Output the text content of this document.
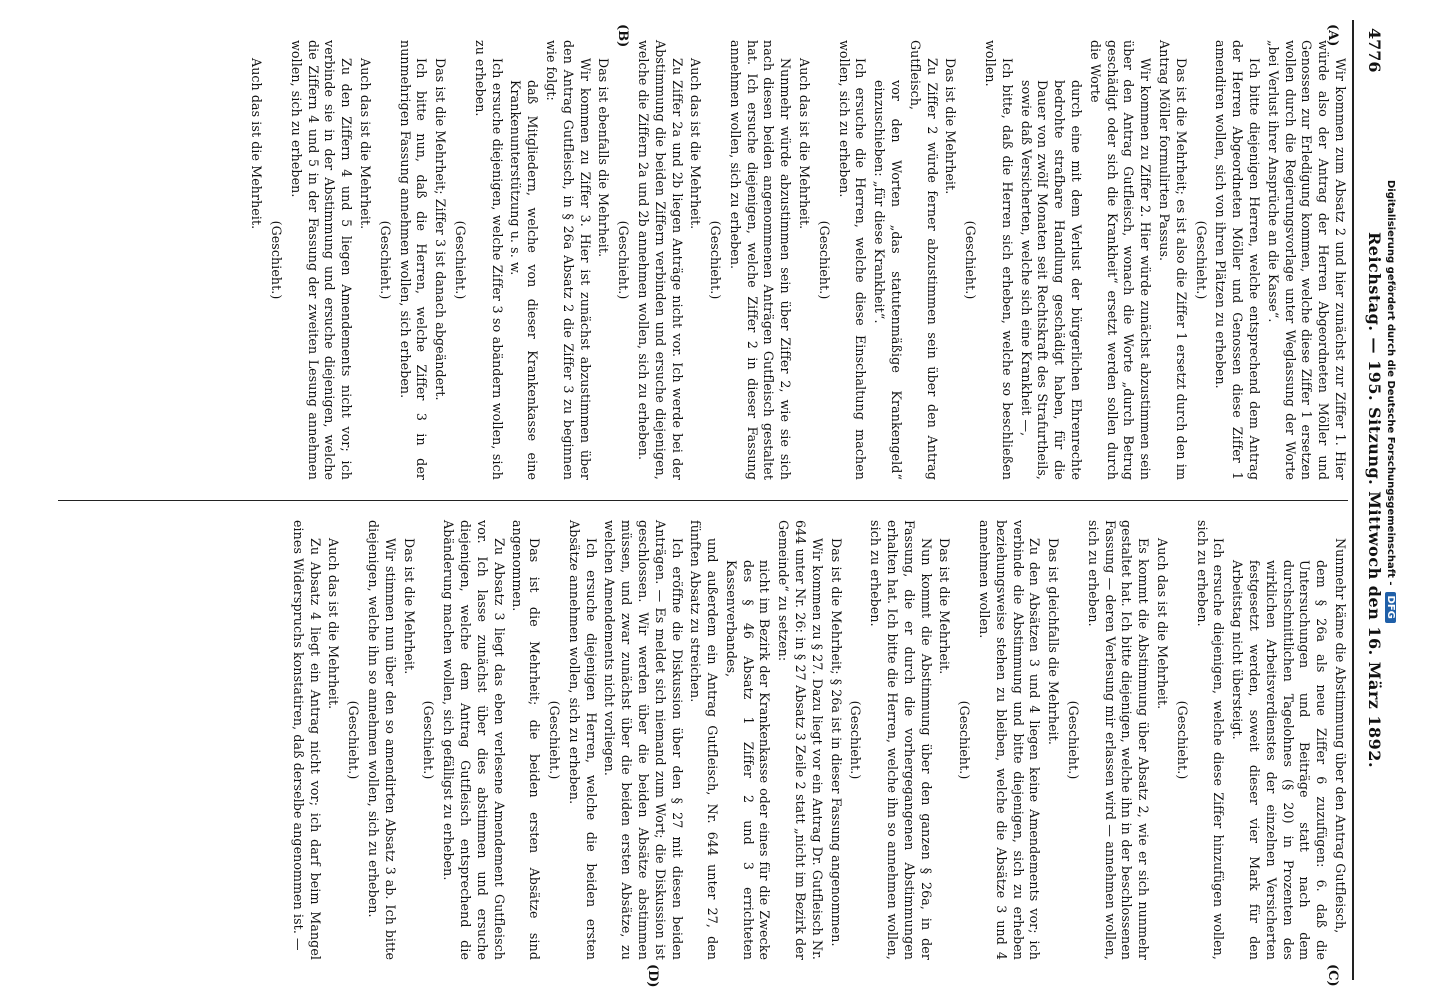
4776
Reichstag. — 195. Sitzung. Mittwoch den 16. März 1892.
(A)
(B)
(C)
(D)

Wir kommen zum Absatz 2 und hier zunächst zur Ziffer 1. Hier würde also der Antrag der Herren Abgeordneten Möller und Genossen zur Erledigung kommen, welche diese Ziffer 1 ersetzen wollen durch die Regierungsvorlage unter Weglassung der Worte „bei Verlust ihrer Ansprüche an die Kasse“.

Ich bitte diejenigen Herren, welche entsprechend dem Antrag der Herren Abgeordneten Möller und Genossen diese Ziffer 1 amendiren wollen, sich von ihren Plätzen zu erheben.

(Geschieht.)

Das ist die Mehrheit; es ist also die Ziffer 1 ersetzt durch den im Antrag Möller formulirten Passus.

Wir kommen zu Ziffer 2. Hier würde zunächst abzustimmen sein über den Antrag Gutfleisch, wonach die Worte „durch Betrug geschädigt oder sich die Krankheit“ ersetzt werden sollen durch die Worte

durch eine mit dem Verlust der bürgerlichen Ehrenrechte bedrohte strafbare Handlung geschädigt haben, für die Dauer von zwölf Monaten seit Rechtskraft des Strafurtheils, sowie daß Versicherten, welche sich eine Krankheit —,

Ich bitte, daß die Herren sich erheben, welche so beschließen wollen.

(Geschieht.)

Das ist die Mehrheit.

Zu Ziffer 2 würde ferner abzustimmen sein über den Antrag Gutfleisch,

vor den Worten „das statutenmäßige Krankengeld“ einzuschieben: „für diese Krankheit“.

Ich ersuche die Herren, welche diese Einschaltung machen wollen, sich zu erheben.

(Geschieht.)

Auch das ist die Mehrheit.

Nunmehr würde abzustimmen sein über Ziffer 2, wie sie sich nach diesen beiden angenommenen Anträgen Gutfleisch gestaltet hat. Ich ersuche diejenigen, welche Ziffer 2 in dieser Fassung annehmen wollen, sich zu erheben.

(Geschieht.)

Auch das ist die Mehrheit.

Zu Ziffer 2a und 2b liegen Anträge nicht vor. Ich werde bei der Abstimmung die beiden Ziffern verbinden und ersuche diejenigen, welche die Ziffern 2a und 2b annehmen wollen, sich zu erheben.

(Geschieht.)

Das ist ebenfalls die Mehrheit.

Wir kommen zu Ziffer 3. Hier ist zunächst abzustimmen über den Antrag Gutfleisch, in § 26a Absatz 2 die Ziffer 3 zu beginnen wie folgt:

daß Mitgliedern, welche von dieser Krankenkasse eine Krankenunterstützung u. s. w.

Ich ersuche diejenigen, welche Ziffer 3 so abändern wollen, sich zu erheben.

(Geschieht.)

Das ist die Mehrheit; Ziffer 3 ist danach abgeändert.

Ich bitte nun, daß die Herren, welche Ziffer 3 in der nunmehrigen Fassung annehmen wollen, sich erheben.

(Geschieht.)

Auch das ist die Mehrheit.

Zu den Ziffern 4 und 5 liegen Amendements nicht vor; ich verbinde sie in der Abstimmung und ersuche diejenigen, welche die Ziffern 4 und 5 in der Fassung der zweiten Lesung annehmen wollen, sich zu erheben.

(Geschieht.)

Auch das ist die Mehrheit.

Nunmehr käme die Abstimmung über den Antrag Gutfleisch,

dem § 26a als neue Ziffer 6 zuzufügen: 6. daß die Untersuchungen und Beiträge statt nach dem durchschnittlichen Tagelohnes (§ 20) in Prozenten des wirklichen Arbeitsverdienstes der einzelnen Versicherten festgesetzt werden, soweit dieser vier Mark für den Arbeitstag nicht übersteigt.

Ich ersuche diejenigen, welche diese Ziffer hinzufügen wollen, sich zu erheben.

(Geschieht.)

Auch das ist die Mehrheit.

Es kommt die Abstimmung über Absatz 2, wie er sich nunmehr gestaltet hat. Ich bitte diejenigen, welche ihn in der beschlossenen Fassung — deren Verlesung mir erlassen wird — annehmen wollen, sich zu erheben.

(Geschieht.)

Das ist gleichfalls die Mehrheit.

Zu den Absätzen 3 und 4 liegen keine Amendements vor; ich verbinde die Abstimmung und bitte diejenigen, sich zu erheben beziehungsweise stehen zu bleiben, welche die Absätze 3 und 4 annehmen wollen.

(Geschieht.)

Das ist die Mehrheit.

Nun kommt die Abstimmung über den ganzen § 26a, in der Fassung, die er durch die vorhergegangenen Abstimmungen erhalten hat. Ich bitte die Herren, welche ihn so annehmen wollen, sich zu erheben.

(Geschieht.)

Das ist die Mehrheit; § 26a ist in dieser Fassung angenommen.

Wir kommen zu § 27. Dazu liegt vor ein Antrag Dr. Gutfleisch Nr. 644 unter Nr. 26: in § 27 Absatz 3 Zeile 2 statt „nicht im Bezirk der Gemeinde“ zu setzen:

nicht im Bezirk der Krankenkasse oder eines für die Zwecke des § 46 Absatz 1 Ziffer 2 und 3 errichteten Kassenverbandes,

und außerdem ein Antrag Gutfleisch, Nr. 644 unter 27, den fünften Absatz zu streichen.

Ich eröffne die Diskussion über den § 27 mit diesen beiden Anträgen. — Es meldet sich niemand zum Wort; die Diskussion ist geschlossen. Wir werden über die beiden Absätze abstimmen müssen, und zwar zunächst über die beiden ersten Absätze, zu welchen Amendements nicht vorliegen.

Ich ersuche diejenigen Herren, welche die beiden ersten Absätze annehmen wollen, sich zu erheben.

(Geschieht.)

Das ist die Mehrheit; die beiden ersten Absätze sind angenommen.

Zu Absatz 3 liegt das eben verlesene Amendement Gutfleisch vor. Ich lasse zunächst über dies abstimmen und ersuche diejenigen, welche dem Antrag Gutfleisch entsprechend die Abänderung machen wollen, sich gefälligst zu erheben.

(Geschieht.)

Das ist die Mehrheit.

Wir stimmen nun über den so amendirten Absatz 3 ab. Ich bitte diejenigen, welche ihn so annehmen wollen, sich zu erheben.

(Geschieht.)

Auch das ist die Mehrheit.

Zu Absatz 4 liegt ein Antrag nicht vor; ich darf beim Mangel eines Widerspruchs konstatiren, daß derselbe angenommen ist. —

Digitalisierung gefördert durch die Deutsche Forschungsgemeinschaft -DFG
